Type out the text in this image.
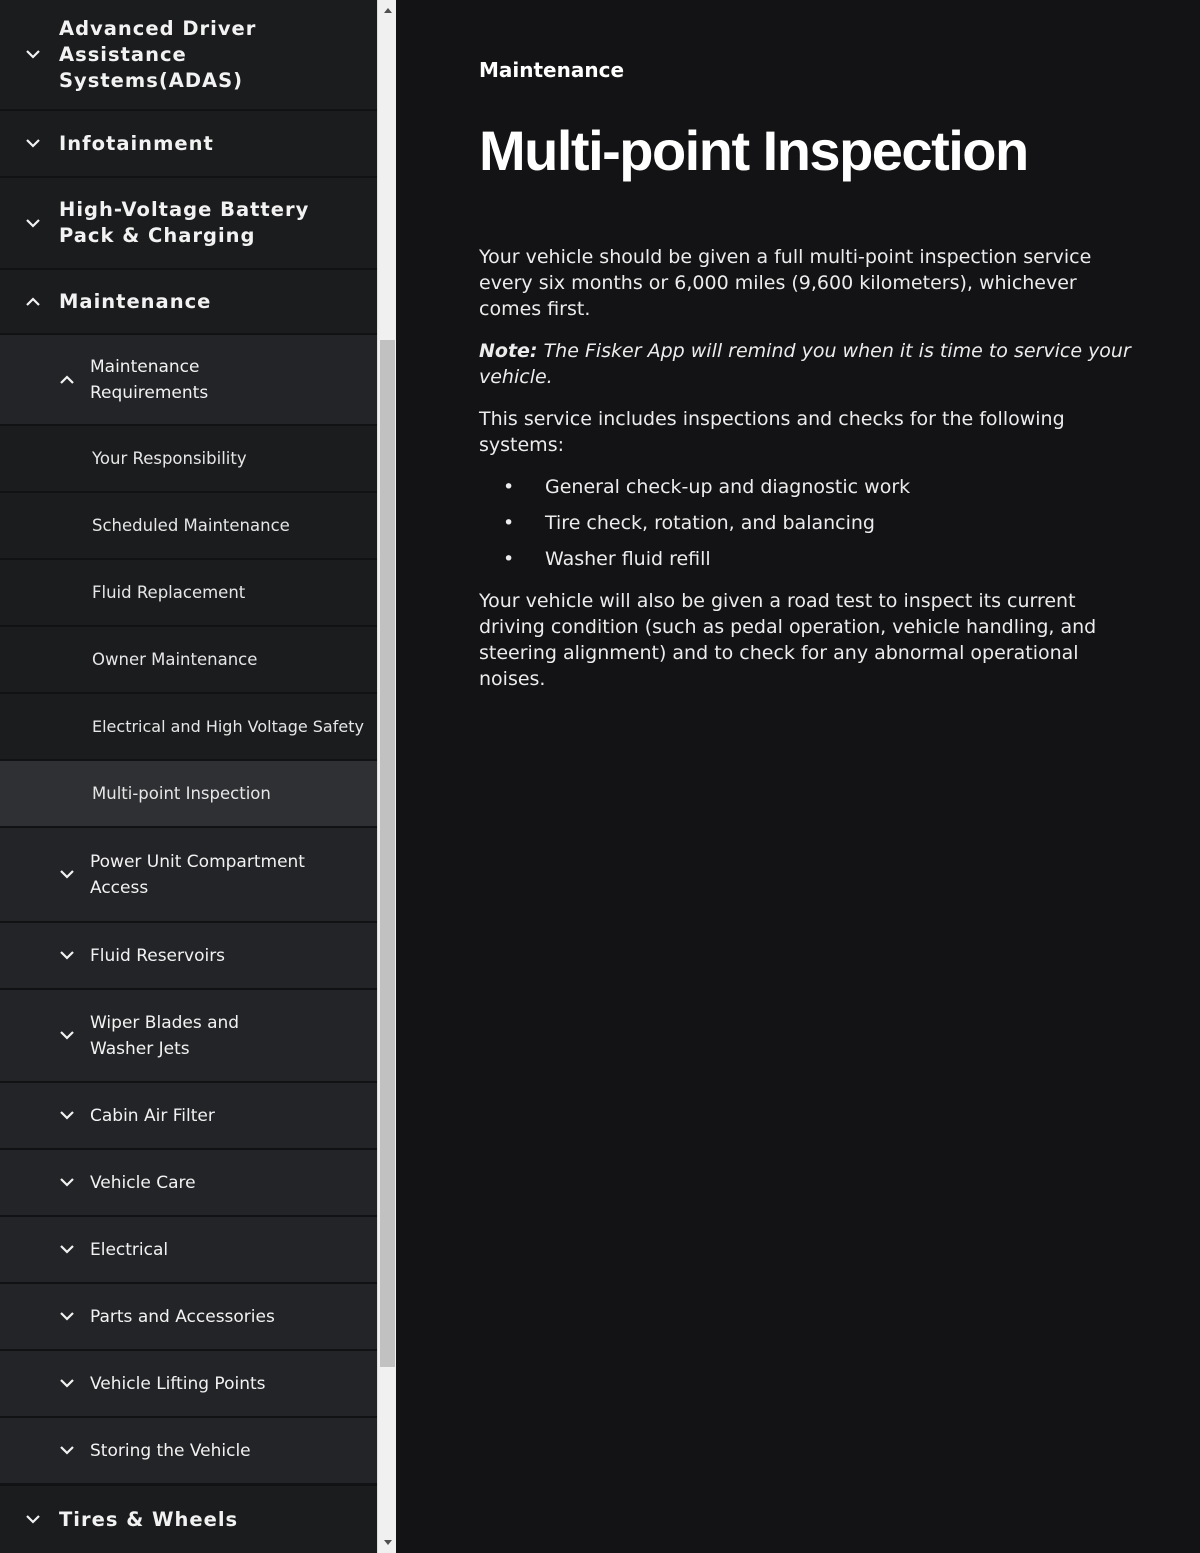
Advanced Driver Assistance Systems(ADAS)
Infotainment
High-Voltage Battery Pack & Charging
Maintenance
Maintenance Requirements
Your Responsibility
Scheduled Maintenance
Fluid Replacement
Owner Maintenance
Electrical and High Voltage Safety
Multi-point Inspection
Power Unit Compartment Access
Fluid Reservoirs
Wiper Blades and Washer Jets
Cabin Air Filter
Vehicle Care
Electrical
Parts and Accessories
Vehicle Lifting Points
Storing the Vehicle
Tires & Wheels
Maintenance
Multi-point Inspection

Your vehicle should be given a full multi-point inspection service every six months or 6,000 miles (9,600 kilometers), whichever comes first.

Note: The Fisker App will remind you when it is time to service your vehicle.

This service includes inspections and checks for the following systems:

• General check-up and diagnostic work
• Tire check, rotation, and balancing
• Washer fluid refill

Your vehicle will also be given a road test to inspect its current driving condition (such as pedal operation, vehicle handling, and steering alignment) and to check for any abnormal operational noises.
